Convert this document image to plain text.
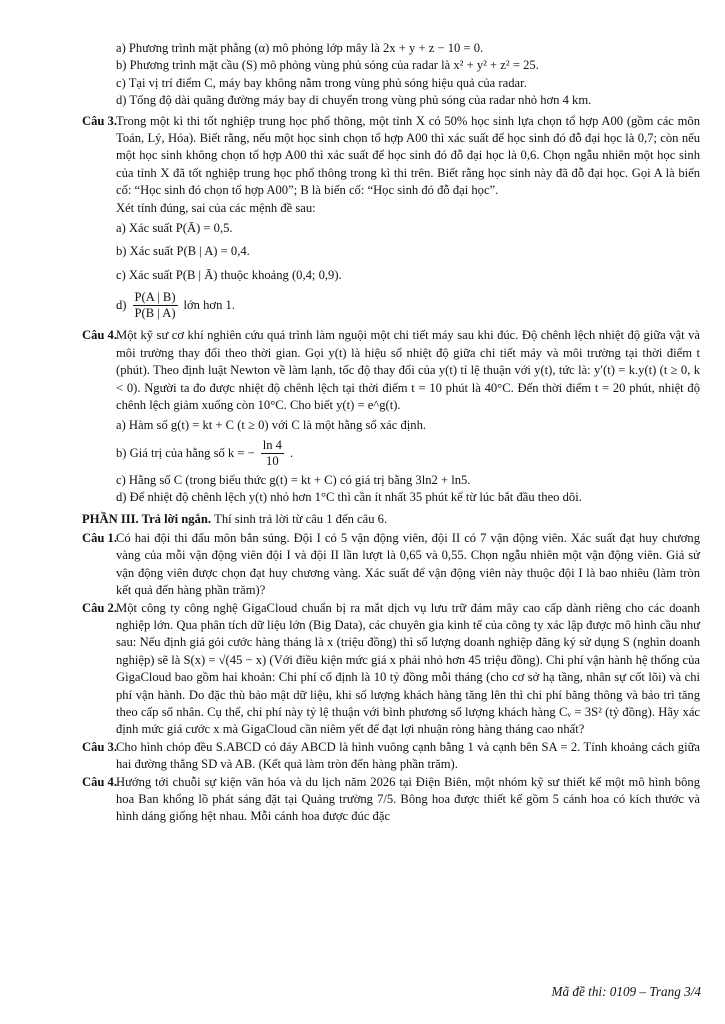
a) Phương trình mặt phẳng (α) mô phỏng lớp mây là 2x + y + z − 10 = 0.
b) Phương trình mặt cầu (S) mô phỏng vùng phủ sóng của radar là x² + y² + z² = 25.
c) Tại vị trí điểm C, máy bay không nằm trong vùng phủ sóng hiệu quả của radar.
d) Tổng độ dài quãng đường máy bay di chuyển trong vùng phủ sóng của radar nhỏ hơn 4 km.
Câu 3. Trong một kì thi tốt nghiệp trung học phổ thông, một tỉnh X có 50% học sinh lựa chọn tổ hợp A00 (gồm các môn Toán, Lý, Hóa). Biết rằng, nếu một học sinh chọn tổ hợp A00 thì xác suất để học sinh đó đỗ đại học là 0,7; còn nếu một học sinh không chọn tổ hợp A00 thì xác suất để học sinh đó đỗ đại học là 0,6. Chọn ngẫu nhiên một học sinh của tỉnh X đã tốt nghiệp trung học phổ thông trong kì thi trên. Biết rằng học sinh này đã đỗ đại học. Gọi A là biến cố: “Học sinh đó chọn tổ hợp A00”; B là biến cố: “Học sinh đó đỗ đại học”.
Xét tính đúng, sai của các mệnh đề sau:
a) Xác suất P(Ā) = 0,5.
b) Xác suất P(B | A) = 0,4.
c) Xác suất P(B | Ā) thuộc khoảng (0,4; 0,9).
$d) \frac{P(A | B)}{P(B | A)}$ lớn hơn 1.
Câu 4. Một kỹ sư cơ khí nghiên cứu quá trình làm nguội một chi tiết máy sau khi đúc. Độ chênh lệch nhiệt độ giữa vật và môi trường thay đổi theo thời gian. Gọi y(t) là hiệu số nhiệt độ giữa chi tiết máy và môi trường tại thời điểm t (phút). Theo định luật Newton về làm lạnh, tốc độ thay đổi của y(t) tỉ lệ thuận với y(t), tức là: y′(t) = k.y(t) (t ≥ 0, k < 0). Người ta đo được nhiệt độ chênh lệch tại thời điểm t = 10 phút là 40°C. Đến thời điểm t = 20 phút, nhiệt độ chênh lệch giảm xuống còn 10°C. Cho biết y(t) = e^g(t).
a) Hàm số g(t) = kt + C (t ≥ 0) với C là một hằng số xác định.
b) Giá trị của hằng số k = − $\frac{\ln 4}{10}$ .
c) Hằng số C (trong biểu thức g(t) = kt + C) có giá trị bằng 3ln2 + ln5.
d) Để nhiệt độ chênh lệch y(t) nhỏ hơn 1°C thì cần ít nhất 35 phút kể từ lúc bắt đầu theo dõi.
PHẦN III. Trả lời ngắn. Thí sinh trả lời từ câu 1 đến câu 6.
Câu 1. Có hai đội thi đấu môn bắn súng. Đội I có 5 vận động viên, đội II có 7 vận động viên. Xác suất đạt huy chương vàng của mỗi vận động viên đội I và đội II lần lượt là 0,65 và 0,55. Chọn ngẫu nhiên một vận động viên. Giả sử vận động viên được chọn đạt huy chương vàng. Xác suất để vận động viên này thuộc đội I là bao nhiêu (làm tròn kết quả đến hàng phần trăm)?
Câu 2. Một công ty công nghệ GigaCloud chuẩn bị ra mắt dịch vụ lưu trữ đám mây cao cấp dành riêng cho các doanh nghiệp lớn. Qua phân tích dữ liệu lớn (Big Data), các chuyên gia kinh tế của công ty xác lập được mô hình cầu như sau: Nếu định giá gói cước hàng tháng là x (triệu đồng) thì số lượng doanh nghiệp đăng ký sử dụng S (nghìn doanh nghiệp) sẽ là S(x) = √(45 − x) (Với điều kiện mức giá x phải nhỏ hơn 45 triệu đồng). Chi phí vận hành hệ thống của GigaCloud bao gồm hai khoản: Chi phí cố định là 10 tỷ đồng mỗi tháng (cho cơ sở hạ tầng, nhân sự cốt lõi) và chi phí vận hành. Do đặc thù bảo mật dữ liệu, khi số lượng khách hàng tăng lên thì chi phí băng thông và bảo trì tăng theo cấp số nhân. Cụ thể, chi phí này tỷ lệ thuận với bình phương số lượng khách hàng Cᵥ = 3S² (tỷ đồng). Hãy xác định mức giá cước x mà GigaCloud cần niêm yết để đạt lợi nhuận ròng hàng tháng cao nhất?
Câu 3. Cho hình chóp đều S.ABCD có đáy ABCD là hình vuông cạnh bằng 1 và cạnh bên SA = 2. Tính khoảng cách giữa hai đường thẳng SD và AB. (Kết quả làm tròn đến hàng phần trăm).
Câu 4. Hướng tới chuỗi sự kiện văn hóa và du lịch năm 2026 tại Điện Biên, một nhóm kỹ sư thiết kế một mô hình bông hoa Ban khổng lồ phát sáng đặt tại Quảng trường 7/5. Bông hoa được thiết kế gồm 5 cánh hoa có kích thước và hình dáng giống hệt nhau. Mỗi cánh hoa được đúc đặc
Mã đề thi: 0109 – Trang 3/4
